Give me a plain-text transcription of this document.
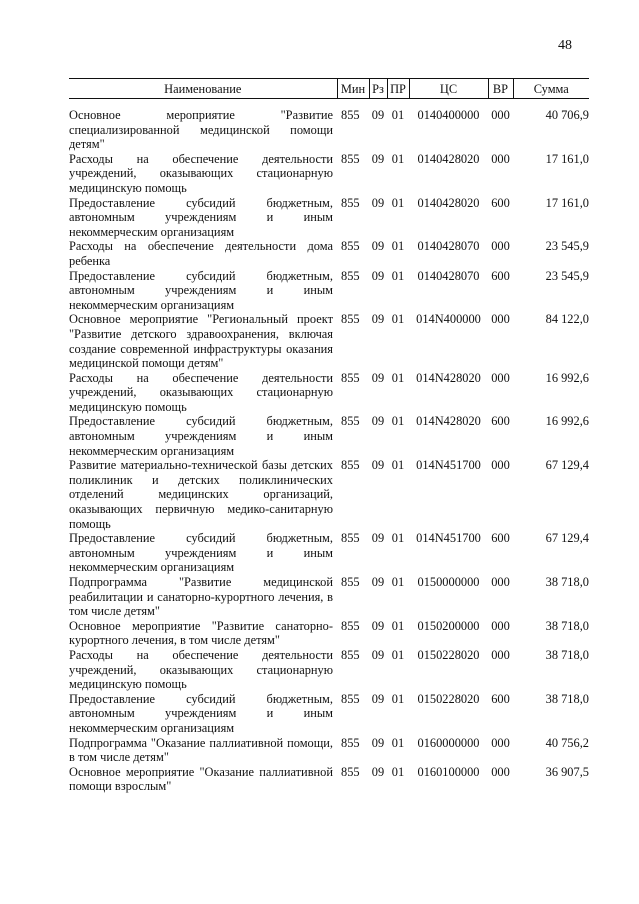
48
Наименование	Мин	Рз	ПР	ЦС	ВР	Сумма
Основное мероприятие "Развитие специализированной медицинской помощи детям"	855	09	01	0140400000	000	40 706,9
Расходы на обеспечение деятельности учреждений, оказывающих стационарную медицинскую помощь	855	09	01	0140428020	000	17 161,0
Предоставление субсидий бюджетным, автономным учреждениям и иным некоммерческим организациям	855	09	01	0140428020	600	17 161,0
Расходы на обеспечение деятельности дома ребенка	855	09	01	0140428070	000	23 545,9
Предоставление субсидий бюджетным, автономным учреждениям и иным некоммерческим организациям	855	09	01	0140428070	600	23 545,9
Основное мероприятие "Региональный проект "Развитие детского здравоохранения, включая создание современной инфраструктуры оказания медицинской помощи детям"	855	09	01	014N400000	000	84 122,0
Расходы на обеспечение деятельности учреждений, оказывающих стационарную медицинскую помощь	855	09	01	014N428020	000	16 992,6
Предоставление субсидий бюджетным, автономным учреждениям и иным некоммерческим организациям	855	09	01	014N428020	600	16 992,6
Развитие материально-технической базы детских поликлиник и детских поликлинических отделений медицинских организаций, оказывающих первичную медико-санитарную помощь	855	09	01	014N451700	000	67 129,4
Предоставление субсидий бюджетным, автономным учреждениям и иным некоммерческим организациям	855	09	01	014N451700	600	67 129,4
Подпрограмма "Развитие медицинской реабилитации и санаторно-курортного лечения, в том числе детям"	855	09	01	0150000000	000	38 718,0
Основное мероприятие "Развитие санаторно-курортного лечения, в том числе детям"	855	09	01	0150200000	000	38 718,0
Расходы на обеспечение деятельности учреждений, оказывающих стационарную медицинскую помощь	855	09	01	0150228020	000	38 718,0
Предоставление субсидий бюджетным, автономным учреждениям и иным некоммерческим организациям	855	09	01	0150228020	600	38 718,0
Подпрограмма "Оказание паллиативной помощи, в том числе детям"	855	09	01	0160000000	000	40 756,2
Основное мероприятие "Оказание паллиативной помощи взрослым"	855	09	01	0160100000	000	36 907,5
